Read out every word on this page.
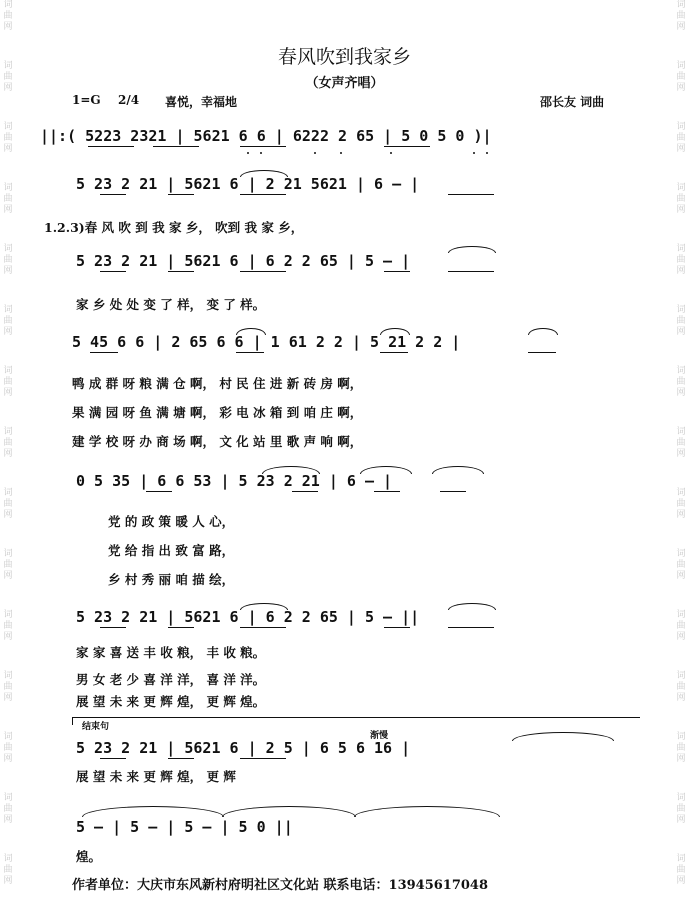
词
曲
网
词
曲
网
词
曲
网
词
曲
网
词
曲
网
词
曲
网
词
曲
网
词
曲
网
词
曲
网
词
曲
网
词
曲
网
词
曲
网
词
曲
网
词
曲
网
词
曲
网
词
曲
网
词
曲
网
词
曲
网
词
曲
网
词
曲
网
词
曲
网
词
曲
网
词
曲
网
词
曲
网
词
曲
网
词
曲
网
词
曲
网
词
曲
网
词
曲
网
词
曲
网
春风吹到我家乡
（女声齐唱）
1=G 2/4 喜悦，幸福地	邵长友 词曲
||:( 5223 2321 | 5621 6 6 | 6222 2 65 | 5 0 5 0 )|
5 23 2 21 | 5621 6 | 2 21 5621 | 6 — |
1.2.3)春 风 吹 到 我 家 乡， 吹到 我 家 乡，
5 23 2 21 | 5621 6 | 6 2 2 65 | 5 — |
家 乡 处 处 变 了 样， 变 了 样。
5 45 6 6 | 2 65 6 6 | 1 61 2 2 | 5 21 2 2 |
鸭 成 群 呀 粮 满 仓 啊， 村 民 住 进 新 砖 房 啊，
果 满 园 呀 鱼 满 塘 啊， 彩 电 冰 箱 到 咱 庄 啊，
建 学 校 呀 办 商 场 啊， 文 化 站 里 歌 声 响 啊，
0 5 35 | 6 6 53 | 5 23 2 21 | 6 — |
党 的 政 策 暖 人 心，
党 给 指 出 致 富 路，
乡 村 秀 丽 咱 描 绘，
5 23 2 21 | 5621 6 | 6 2 2 65 | 5 — ||
家 家 喜 送 丰 收 粮， 丰 收 粮。
男 女 老 少 喜 洋 洋， 喜 洋 洋。
展 望 未 来 更 辉 煌， 更 辉 煌。
结束句
渐慢
5 23 2 21 | 5621 6 | 2 5 | 6 5 6 16 |
展 望 未 来 更 辉 煌， 更 辉
5 — | 5 — | 5 — | 5 0 ||
煌。
作者单位：大庆市东风新村府明社区文化站 联系电话：13945617048
